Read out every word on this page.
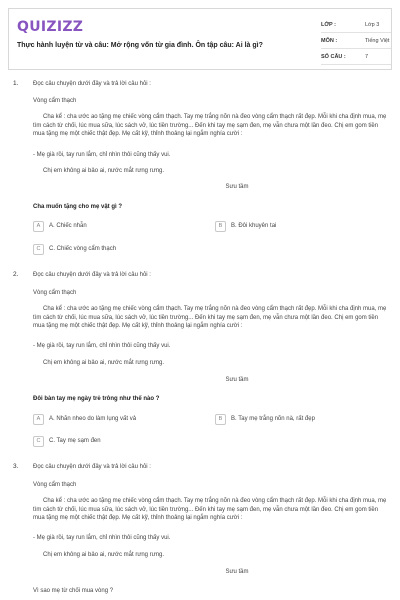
QUIZIZZ
Thực hành luyện từ và câu: Mở rộng vốn từ gia đình. Ôn tập câu: Ai là gì?
LỚP :	Lớp 3
MÔN :	Tiếng Việt
SỐ CÂU :	7
1. Đọc câu chuyện dưới đây và trả lời câu hỏi :
Vòng cẩm thạch
Cha kể : cha ước ao tặng mẹ chiếc vòng cẩm thạch. Tay mẹ trắng nõn nà đeo vòng cẩm thạch rất đẹp. Mỗi khi cha định mua, mẹ tìm cách từ chối, lúc mua sữa, lúc sách vở, lúc tiền trường... Đến khi tay mẹ sạm đen, mẹ vẫn chưa một lần đeo. Chị em gom tiền mua tặng mẹ một chiếc thật đẹp. Mẹ cất kỹ, thỉnh thoảng lại ngắm nghía cười :
- Mẹ già rồi, tay run lắm, chỉ nhìn thôi cũng thấy vui.
Chị em không ai bảo ai, nước mắt rưng rưng.
Sưu tầm
Cha muốn tặng cho mẹ vật gì ?
A	A. Chiếc nhẫn	B	B. Đôi khuyên tai
C	C. Chiếc vòng cẩm thạch
2. Đọc câu chuyện dưới đây và trả lời câu hỏi :
Vòng cẩm thạch
Cha kể : cha ước ao tặng mẹ chiếc vòng cẩm thạch. Tay mẹ trắng nõn nà đeo vòng cẩm thạch rất đẹp. Mỗi khi cha định mua, mẹ tìm cách từ chối, lúc mua sữa, lúc sách vở, lúc tiền trường... Đến khi tay mẹ sạm đen, mẹ vẫn chưa một lần đeo. Chị em gom tiền mua tặng mẹ một chiếc thật đẹp. Mẹ cất kỹ, thỉnh thoảng lại ngắm nghía cười :
- Mẹ già rồi, tay run lắm, chỉ nhìn thôi cũng thấy vui.
Chị em không ai bảo ai, nước mắt rưng rưng.
Sưu tầm
Đôi bàn tay mẹ ngày trẻ trông như thế nào ?
A	A. Nhăn nheo do làm lụng vất vả	B	B. Tay mẹ trắng nõn nà, rất đẹp
C	C. Tay mẹ sạm đen
3. Đọc câu chuyện dưới đây và trả lời câu hỏi :
Vòng cẩm thạch
Cha kể : cha ước ao tặng mẹ chiếc vòng cẩm thạch. Tay mẹ trắng nõn nà đeo vòng cẩm thạch rất đẹp. Mỗi khi cha định mua, mẹ tìm cách từ chối, lúc mua sữa, lúc sách vở, lúc tiền trường... Đến khi tay mẹ sạm đen, mẹ vẫn chưa một lần đeo. Chị em gom tiền mua tặng mẹ một chiếc thật đẹp. Mẹ cất kỹ, thỉnh thoảng lại ngắm nghía cười :
- Mẹ già rồi, tay run lắm, chỉ nhìn thôi cũng thấy vui.
Chị em không ai bảo ai, nước mắt rưng rưng.
Sưu tầm
Vì sao mẹ từ chối mua vòng ?
